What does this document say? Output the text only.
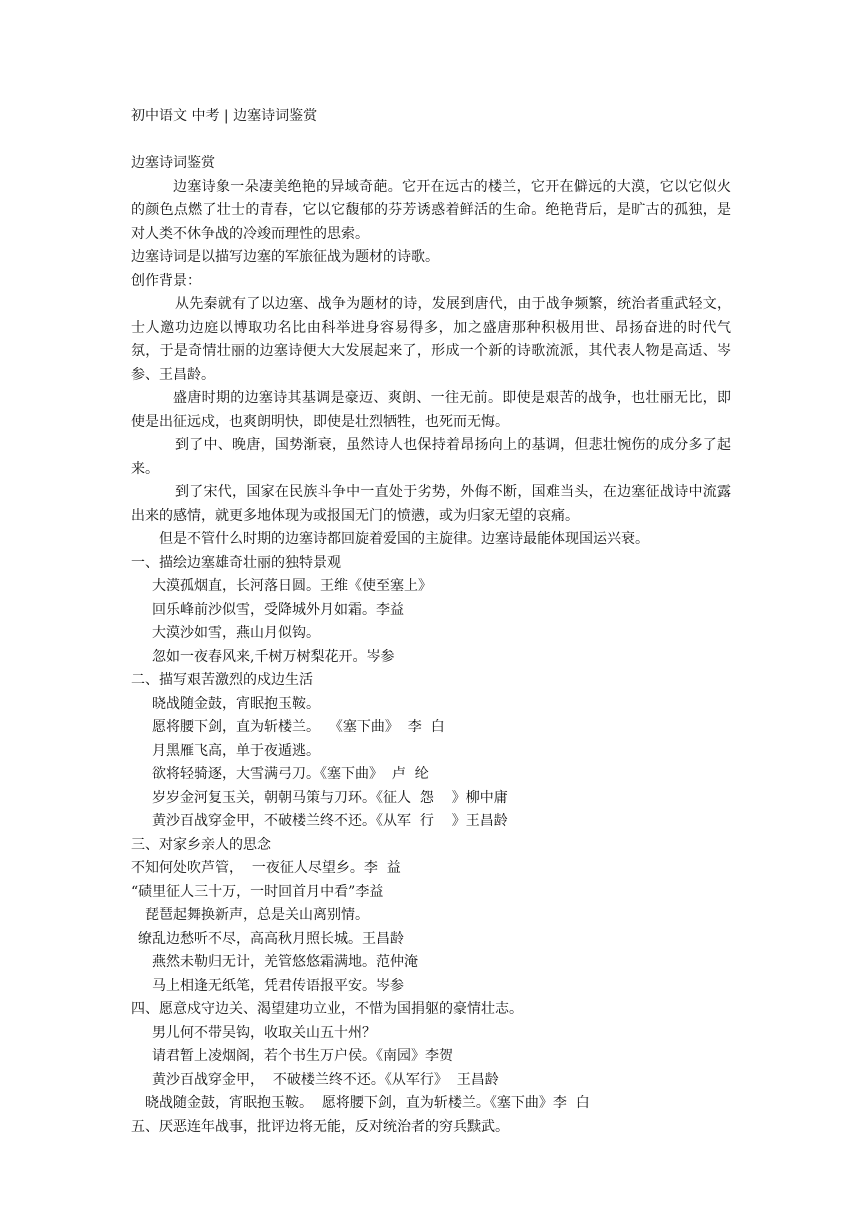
初中语文 中考 | 边塞诗词鉴赏

边塞诗词鉴赏

边塞诗象一朵凄美绝艳的异域奇葩。它开在远古的楼兰，它开在僻远的大漠，它以它似火的颜色点燃了壮士的青春，它以它馥郁的芬芳诱惑着鲜活的生命。绝艳背后，是旷古的孤独，是对人类不休争战的冷竣而理性的思索。

边塞诗词是以描写边塞的军旅征战为题材的诗歌。

创作背景：

从先秦就有了以边塞、战争为题材的诗，发展到唐代，由于战争频繁，统治者重武轻文，士人邀功边庭以博取功名比由科举进身容易得多，加之盛唐那种积极用世、昂扬奋进的时代气氛，于是奇情壮丽的边塞诗便大大发展起来了，形成一个新的诗歌流派，其代表人物是高适、岑参、王昌龄。

盛唐时期的边塞诗其基调是豪迈、爽朗、一往无前。即使是艰苦的战争，也壮丽无比，即使是出征远戍，也爽朗明快，即使是壮烈牺牲，也死而无悔。

到了中、晚唐，国势渐衰，虽然诗人也保持着昂扬向上的基调，但悲壮惋伤的成分多了起来。

到了宋代，国家在民族斗争中一直处于劣势，外侮不断，国难当头，在边塞征战诗中流露出来的感情，就更多地体现为或报国无门的愤懑，或为归家无望的哀痛。

但是不管什么时期的边塞诗都回旋着爱国的主旋律。边塞诗最能体现国运兴衰。

一、描绘边塞雄奇壮丽的独特景观

大漠孤烟直，长河落日圆。王维《使至塞上》

回乐峰前沙似雪，受降城外月如霜。李益

大漠沙如雪，燕山月似钩。

忽如一夜春风来,千树万树梨花开。岑参

二、描写艰苦激烈的戍边生活

晓战随金鼓，宵眠抱玉鞍。

愿将腰下剑，直为斩楼兰。  《塞下曲》  李  白

月黑雁飞高，单于夜遁逃。

欲将轻骑逐，大雪满弓刀。《塞下曲》  卢  纶

岁岁金河复玉关，朝朝马策与刀环。《征人  怨    》柳中庸

黄沙百战穿金甲，不破楼兰终不还。《从军  行    》王昌龄

三、对家乡亲人的思念

不知何处吹芦管，  一夜征人尽望乡。李  益

“碛里征人三十万，一时回首月中看”李益

琵琶起舞换新声，总是关山离别情。

缭乱边愁听不尽，高高秋月照长城。王昌龄

燕然未勒归无计，羌管悠悠霜满地。范仲淹

马上相逢无纸笔，凭君传语报平安。岑参

四、愿意戍守边关、渴望建功立业，不惜为国捐躯的豪情壮志。

男儿何不带吴钩，收取关山五十州？

请君暂上凌烟阁，若个书生万户侯。《南园》李贺

黄沙百战穿金甲，  不破楼兰终不还。《从军行》  王昌龄

晓战随金鼓，宵眠抱玉鞍。  愿将腰下剑，直为斩楼兰。《塞下曲》李  白

五、厌恶连年战事，批评边将无能，反对统治者的穷兵黩武。
